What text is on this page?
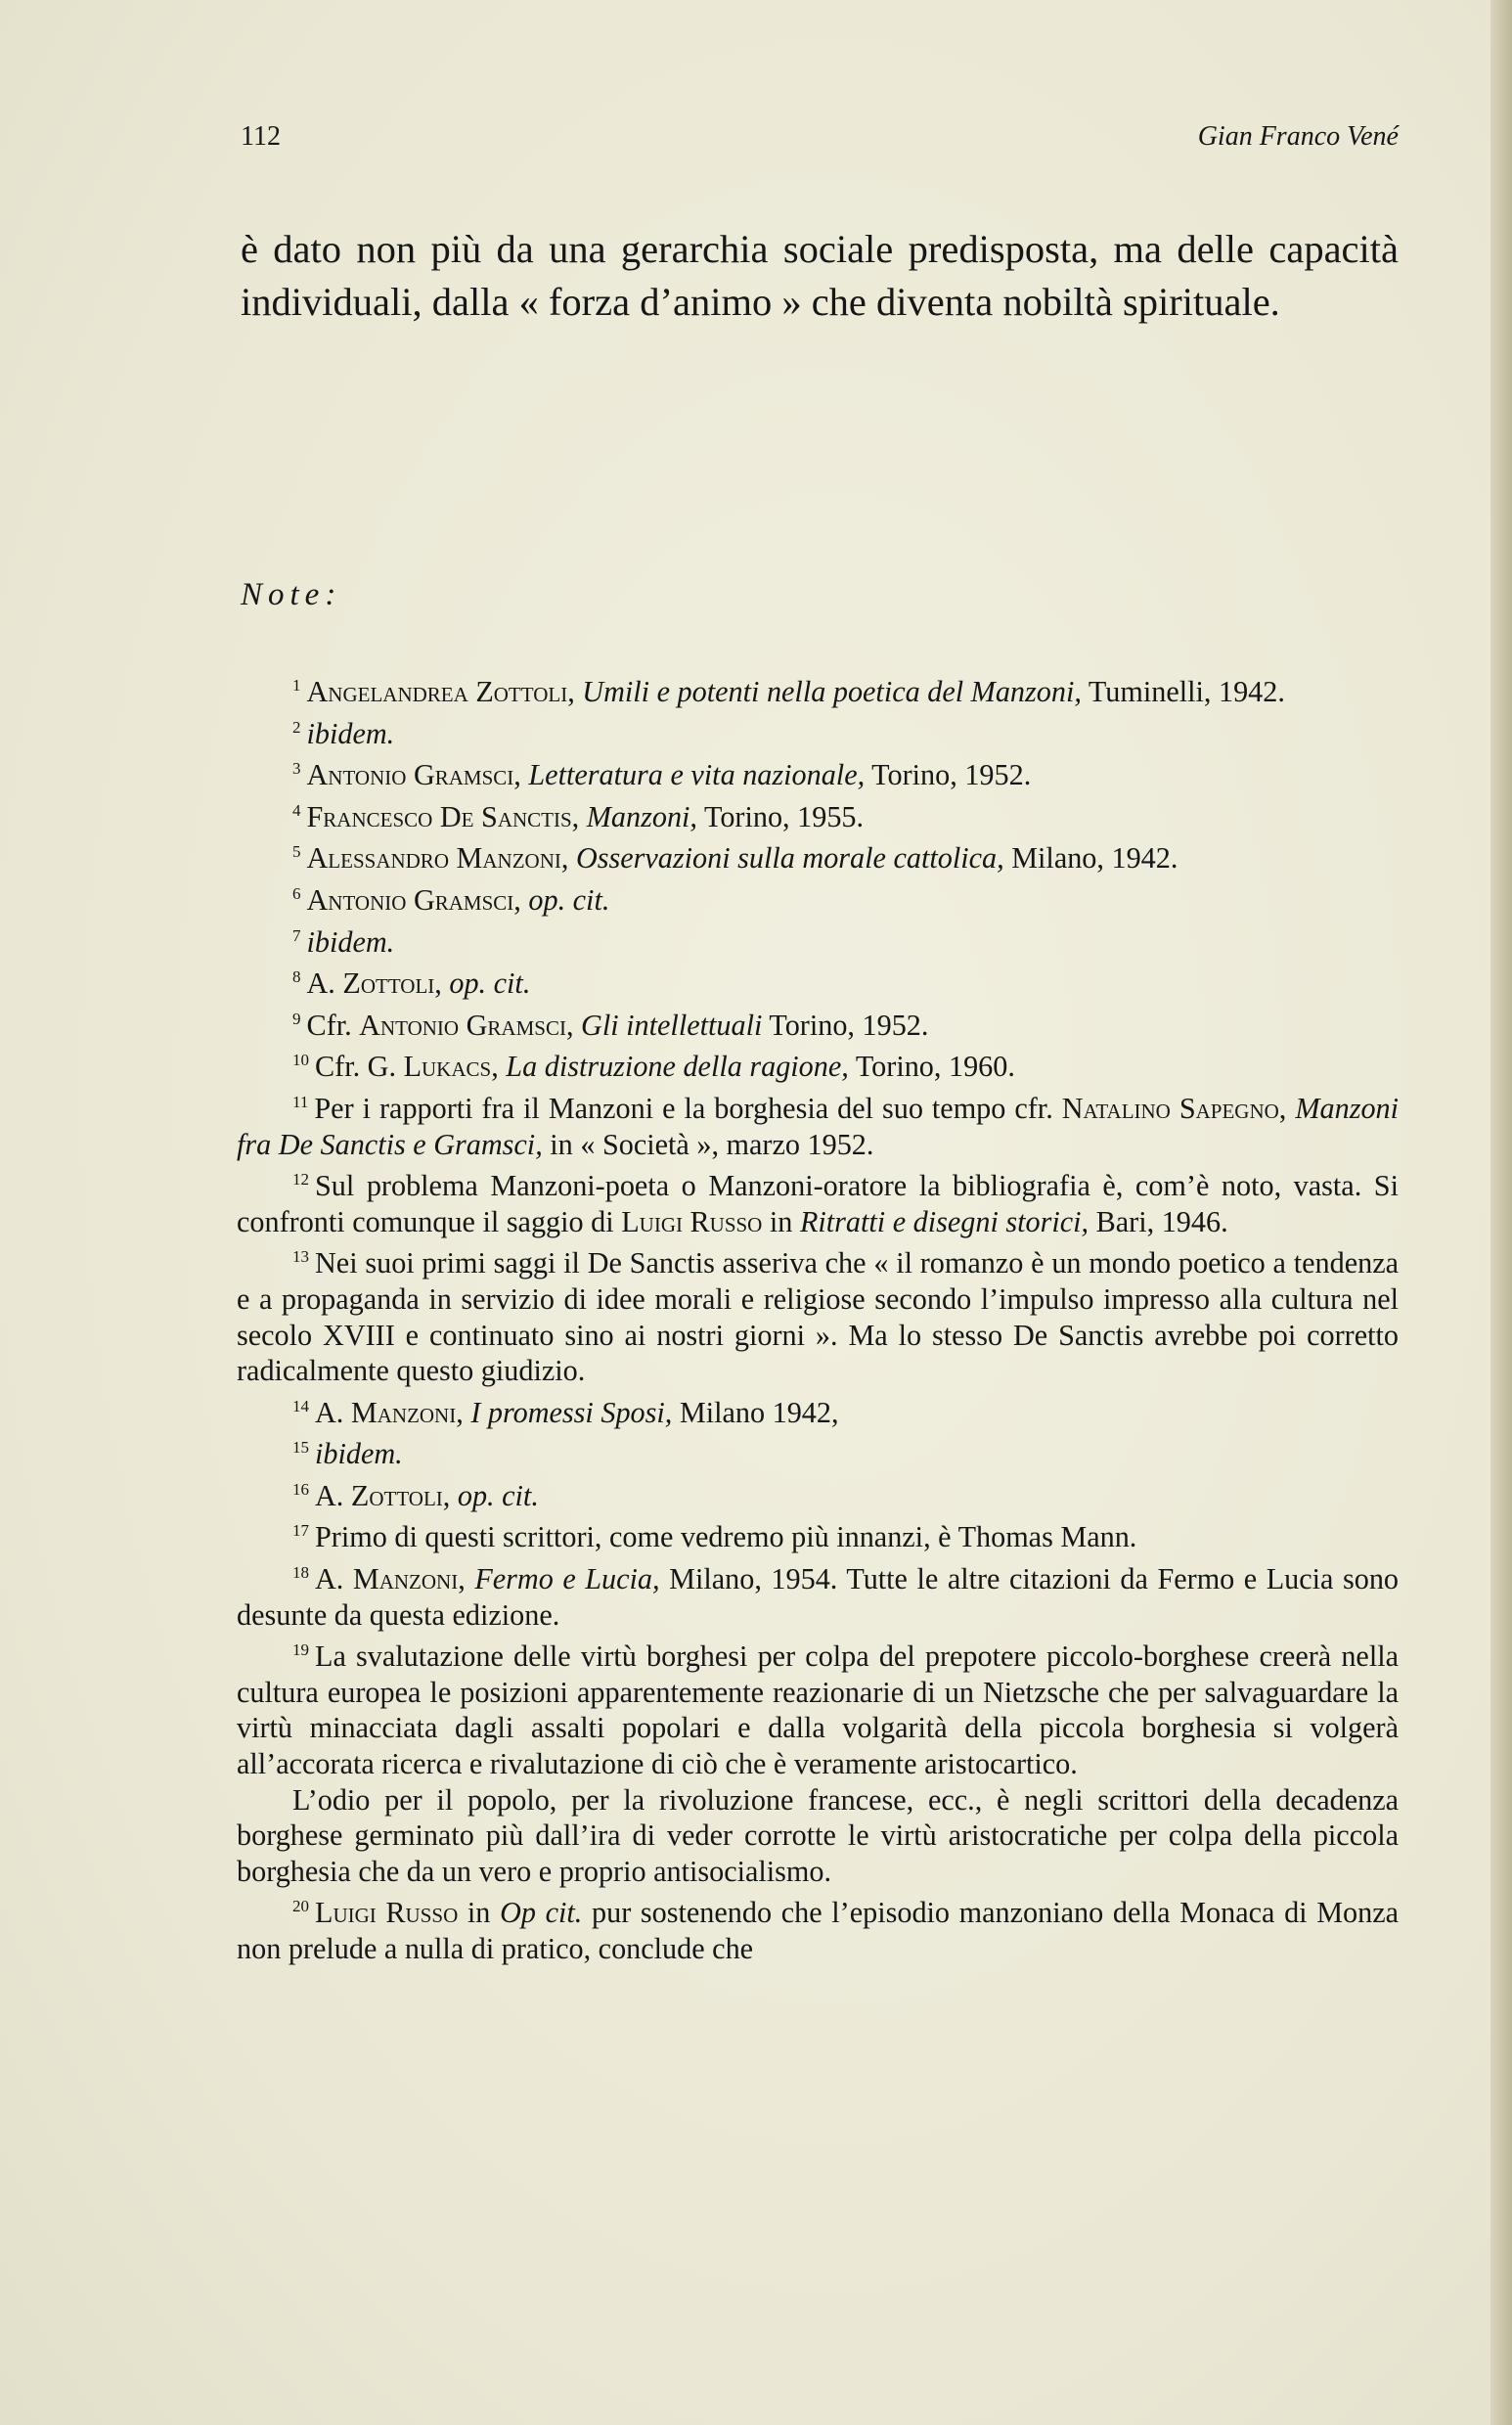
112	Gian Franco Vené

è dato non più da una gerarchia sociale predisposta, ma delle capacità individuali, dalla « forza d’animo » che diventa nobiltà spirituale.

Note:

$^1$ Angelandrea Zottoli, Umili e potenti nella poetica del Manzoni, Tuminelli, 1942.

$^2$ ibidem.

$^3$ Antonio Gramsci, Letteratura e vita nazionale, Torino, 1952.

$^4$ Francesco De Sanctis, Manzoni, Torino, 1955.

$^5$ Alessandro Manzoni, Osservazioni sulla morale cattolica, Milano, 1942.

$^6$ Antonio Gramsci, op. cit.

$^7$ ibidem.

$^8$ A. Zottoli, op. cit.

$^9$ Cfr. Antonio Gramsci, Gli intellettuali Torino, 1952.

$^{10}$ Cfr. G. Lukacs, La distruzione della ragione, Torino, 1960.

$^{11}$ Per i rapporti fra il Manzoni e la borghesia del suo tempo cfr. Natalino Sapegno, Manzoni fra De Sanctis e Gramsci, in « Società », marzo 1952.

$^{12}$ Sul problema Manzoni-poeta o Manzoni-oratore la bibliografia è, com’è noto, vasta. Si confronti comunque il saggio di Luigi Russo in Ritratti e disegni storici, Bari, 1946.

$^{13}$ Nei suoi primi saggi il De Sanctis asseriva che « il romanzo è un mondo poetico a tendenza e a propaganda in servizio di idee morali e religiose secondo l’impulso impresso alla cultura nel secolo XVIII e continuato sino ai nostri giorni ». Ma lo stesso De Sanctis avrebbe poi corretto radicalmente questo giudizio.

$^{14}$ A. Manzoni, I promessi Sposi, Milano 1942,

$^{15}$ ibidem.

$^{16}$ A. Zottoli, op. cit.

$^{17}$ Primo di questi scrittori, come vedremo più innanzi, è Thomas Mann.

$^{18}$ A. Manzoni, Fermo e Lucia, Milano, 1954. Tutte le altre citazioni da Fermo e Lucia sono desunte da questa edizione.

$^{19}$ La svalutazione delle virtù borghesi per colpa del prepotere piccolo-borghese creerà nella cultura europea le posizioni apparentemente reazionarie di un Nietzsche che per salvaguardare la virtù minacciata dagli assalti popolari e dalla volgarità della piccola borghesia si volgerà all’accorata ricerca e rivalutazione di ciò che è veramente aristocartico.

L’odio per il popolo, per la rivoluzione francese, ecc., è negli scrittori della decadenza borghese germinato più dall’ira di veder corrotte le virtù aristocratiche per colpa della piccola borghesia che da un vero e proprio antisocialismo.

$^{20}$ Luigi Russo in Op cit. pur sostenendo che l’episodio manzoniano della Monaca di Monza non prelude a nulla di pratico, conclude che
